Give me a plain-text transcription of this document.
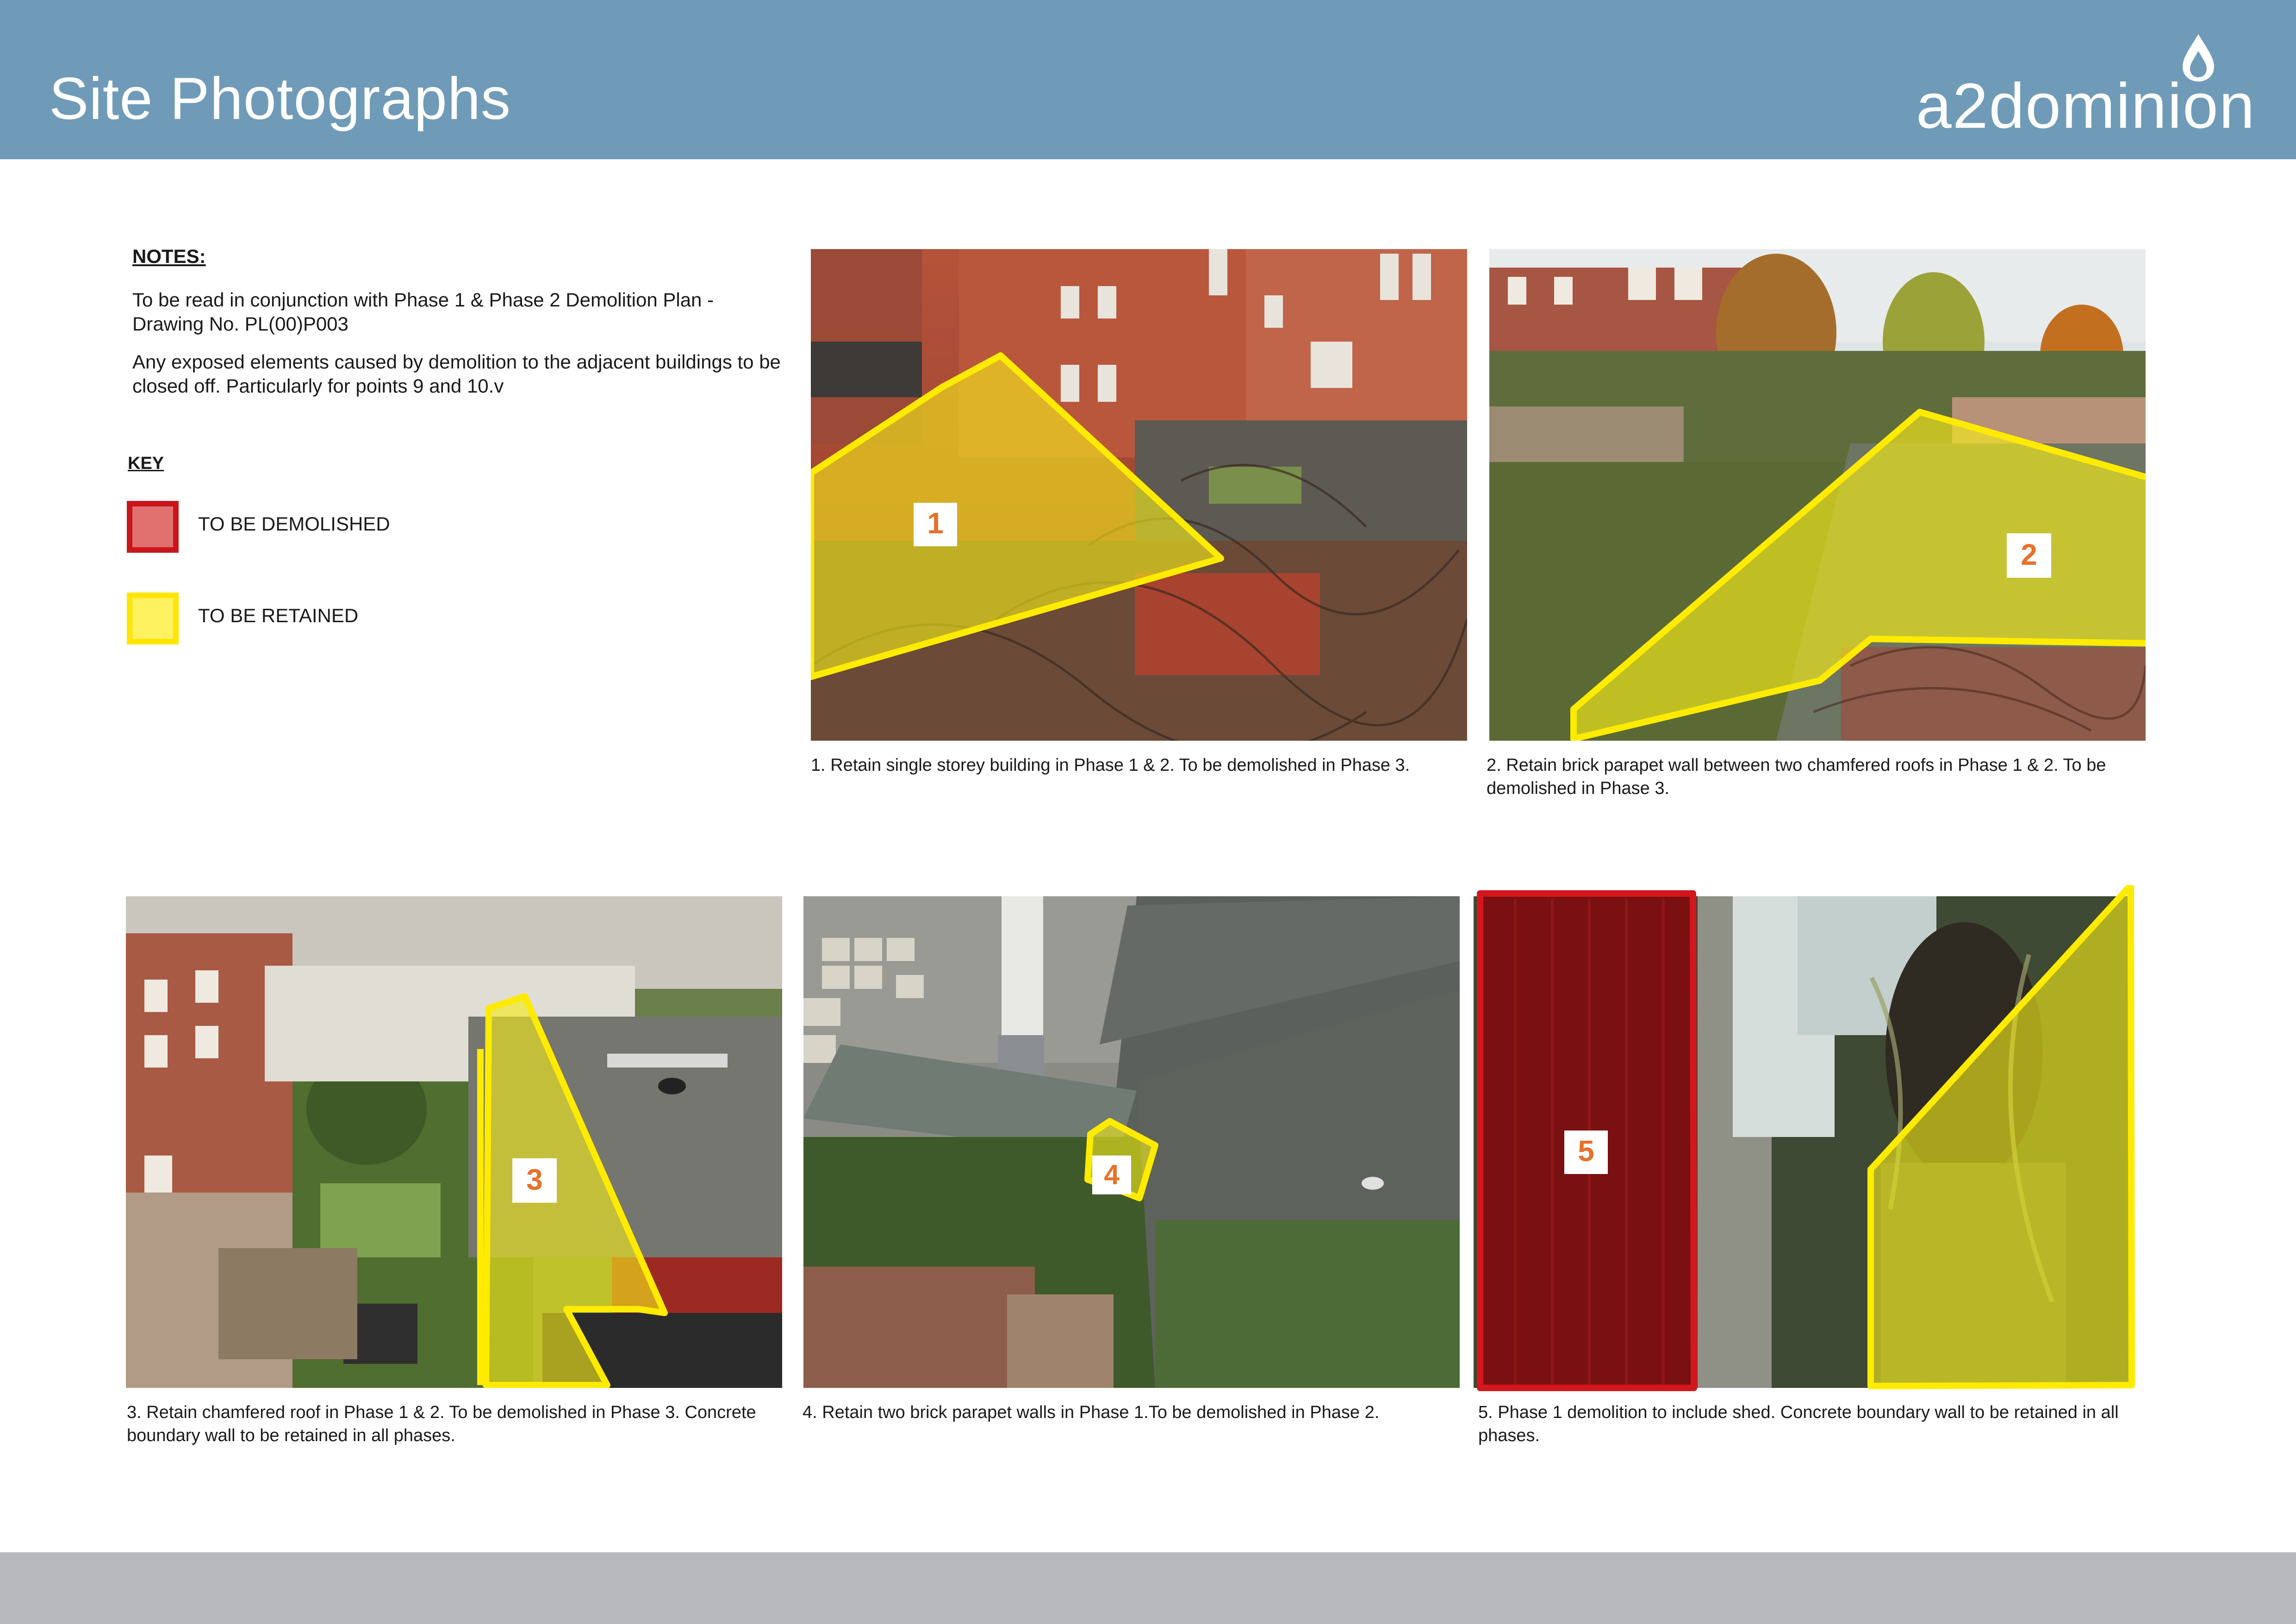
Site Photographs	a2dominion
NOTES:

To be read in conjunction with Phase 1 & Phase 2 Demolition Plan - Drawing No. PL(00)P003

Any exposed elements caused by demolition to the adjacent buildings to be closed off. Particularly for points 9 and 10.v

KEY
TO BE DEMOLISHED
TO BE RETAINED
1
1. Retain single storey building in Phase 1 & 2. To be demolished in Phase 3.
2
2. Retain brick parapet wall between two chamfered roofs in Phase 1 & 2. To be demolished in Phase 3.
3
3. Retain chamfered roof in Phase 1 & 2. To be demolished in Phase 3. Concrete boundary wall to be retained in all phases.
4
4. Retain two brick parapet walls in Phase 1.To be demolished in Phase 2.
5
5. Phase 1 demolition to include shed. Concrete boundary wall to be retained in all phases.
